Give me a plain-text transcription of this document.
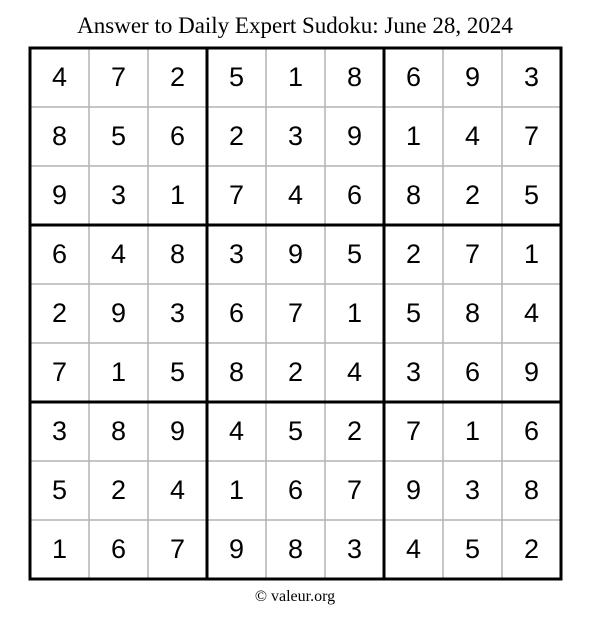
Answer to Daily Expert Sudoku: June 28, 2024
4	7	2	5	1	8	6	9	3
8	5	6	2	3	9	1	4	7
9	3	1	7	4	6	8	2	5
6	4	8	3	9	5	2	7	1
2	9	3	6	7	1	5	8	4
7	1	5	8	2	4	3	6	9
3	8	9	4	5	2	7	1	6
5	2	4	1	6	7	9	3	8
1	6	7	9	8	3	4	5	2
© valeur.org
